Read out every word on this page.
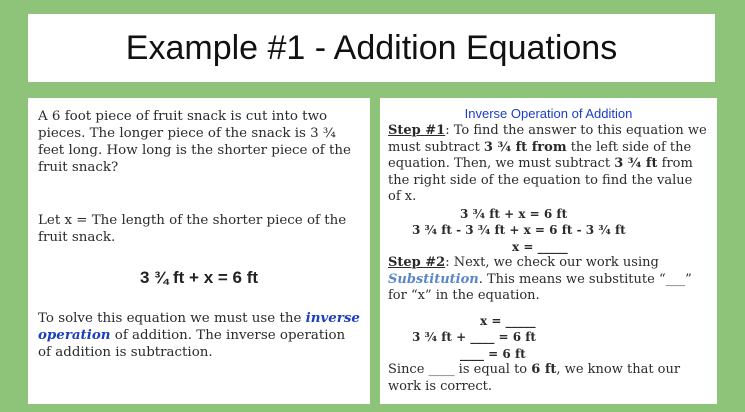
Example #1 - Addition Equations

A 6 foot piece of fruit snack is cut into two pieces. The longer piece of the snack is 3 ¾ feet long. How long is the shorter piece of the fruit snack?

Let x = The length of the shorter piece of the fruit snack.

3 ¾ ft + x = 6 ft

To solve this equation we must use the inverse operation of addition. The inverse operation of addition is subtraction.

Inverse Operation of Addition

Step #1: To find the answer to this equation we must subtract 3 ¾ ft from the left side of the equation. Then, we must subtract 3 ¾ ft from the right side of the equation to find the value of x.

3 ¾ ft + x = 6 ft

3 ¾ ft - 3 ¾ ft + x = 6 ft - 3 ¾ ft

x = _____

Step #2: Next, we check our work using Substitution. This means we substitute “___” for “x” in the equation.

x = _____

3 ¾ ft + ____ = 6 ft

____ = 6 ft

Since ____ is equal to 6 ft, we know that our work is correct.
